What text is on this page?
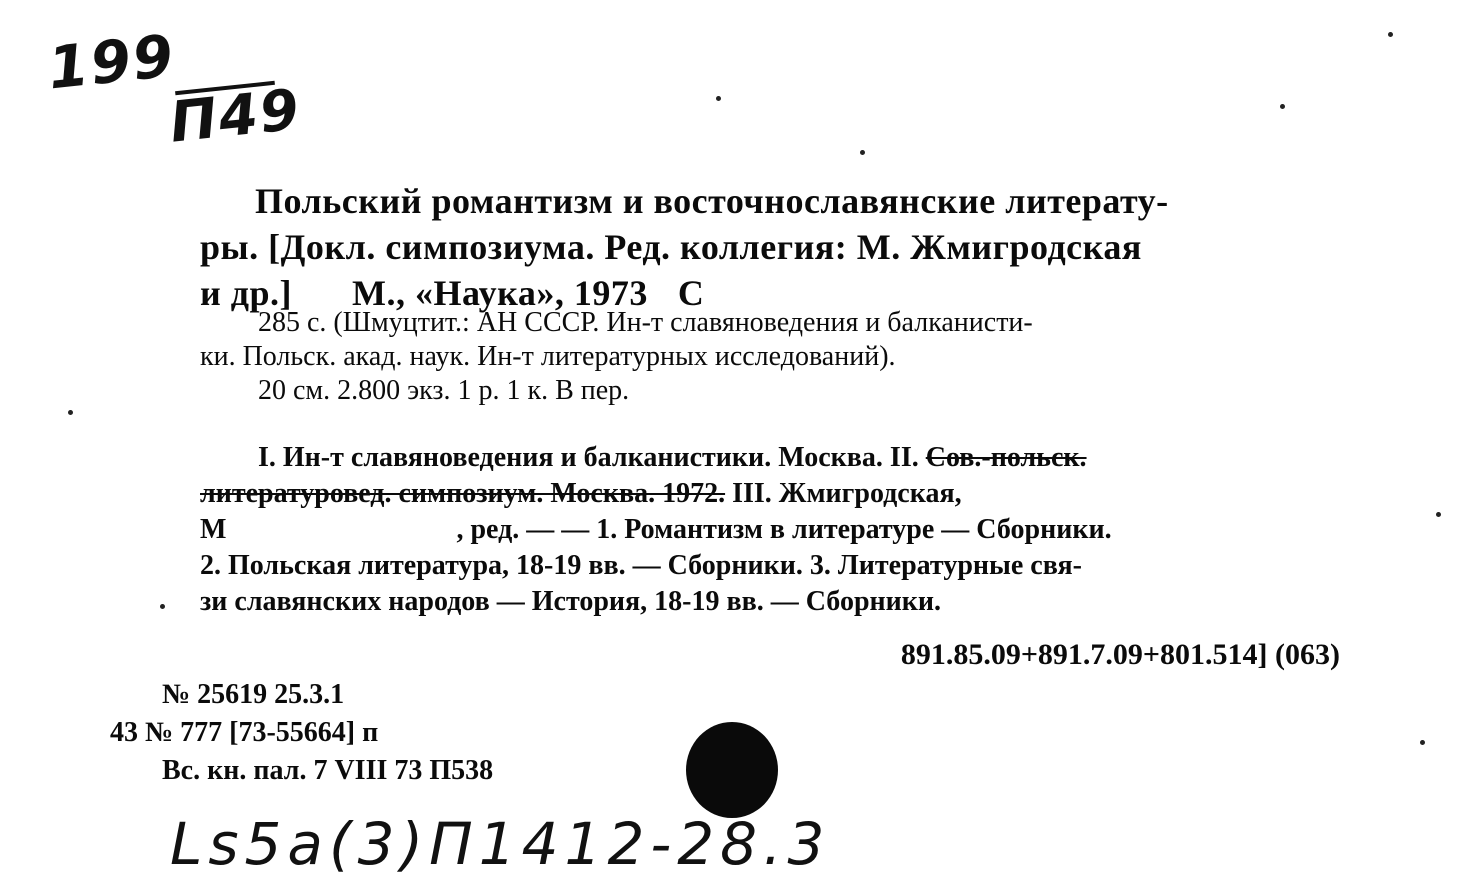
199
П49
Польский романтизм и восточнославянские литерату-
ры. [Докл. симпозиума. Ред. коллегия: М. Жмигродская
и др.] М., «Наука», 1973 С
285 с. (Шмуцтит.: АН СССР. Ин-т славяноведения и балканисти-
ки. Польск. акад. наук. Ин-т литературных исследований).
20 см. 2.800 экз. 1 р. 1 к. В пер.
I. Ин-т славяноведения и балканистики. Москва. II. Сов.-польск.
литературовед. симпозиум. Москва. 1972. III. Жмигродская,
М	, ред. — — 1. Романтизм в литературе — Сборники.
2. Польская литература, 18-19 вв. — Сборники. 3. Литературные свя-
зи славянских народов — История, 18-19 вв. — Сборники.
891.85.09+891.7.09+801.514] (063)
№ 25619 25.3.1
43 № 777 [73-55664] п
Вс. кн. пал. 7 VIII 73 П538
Ls5a(3)П1412-28.3
